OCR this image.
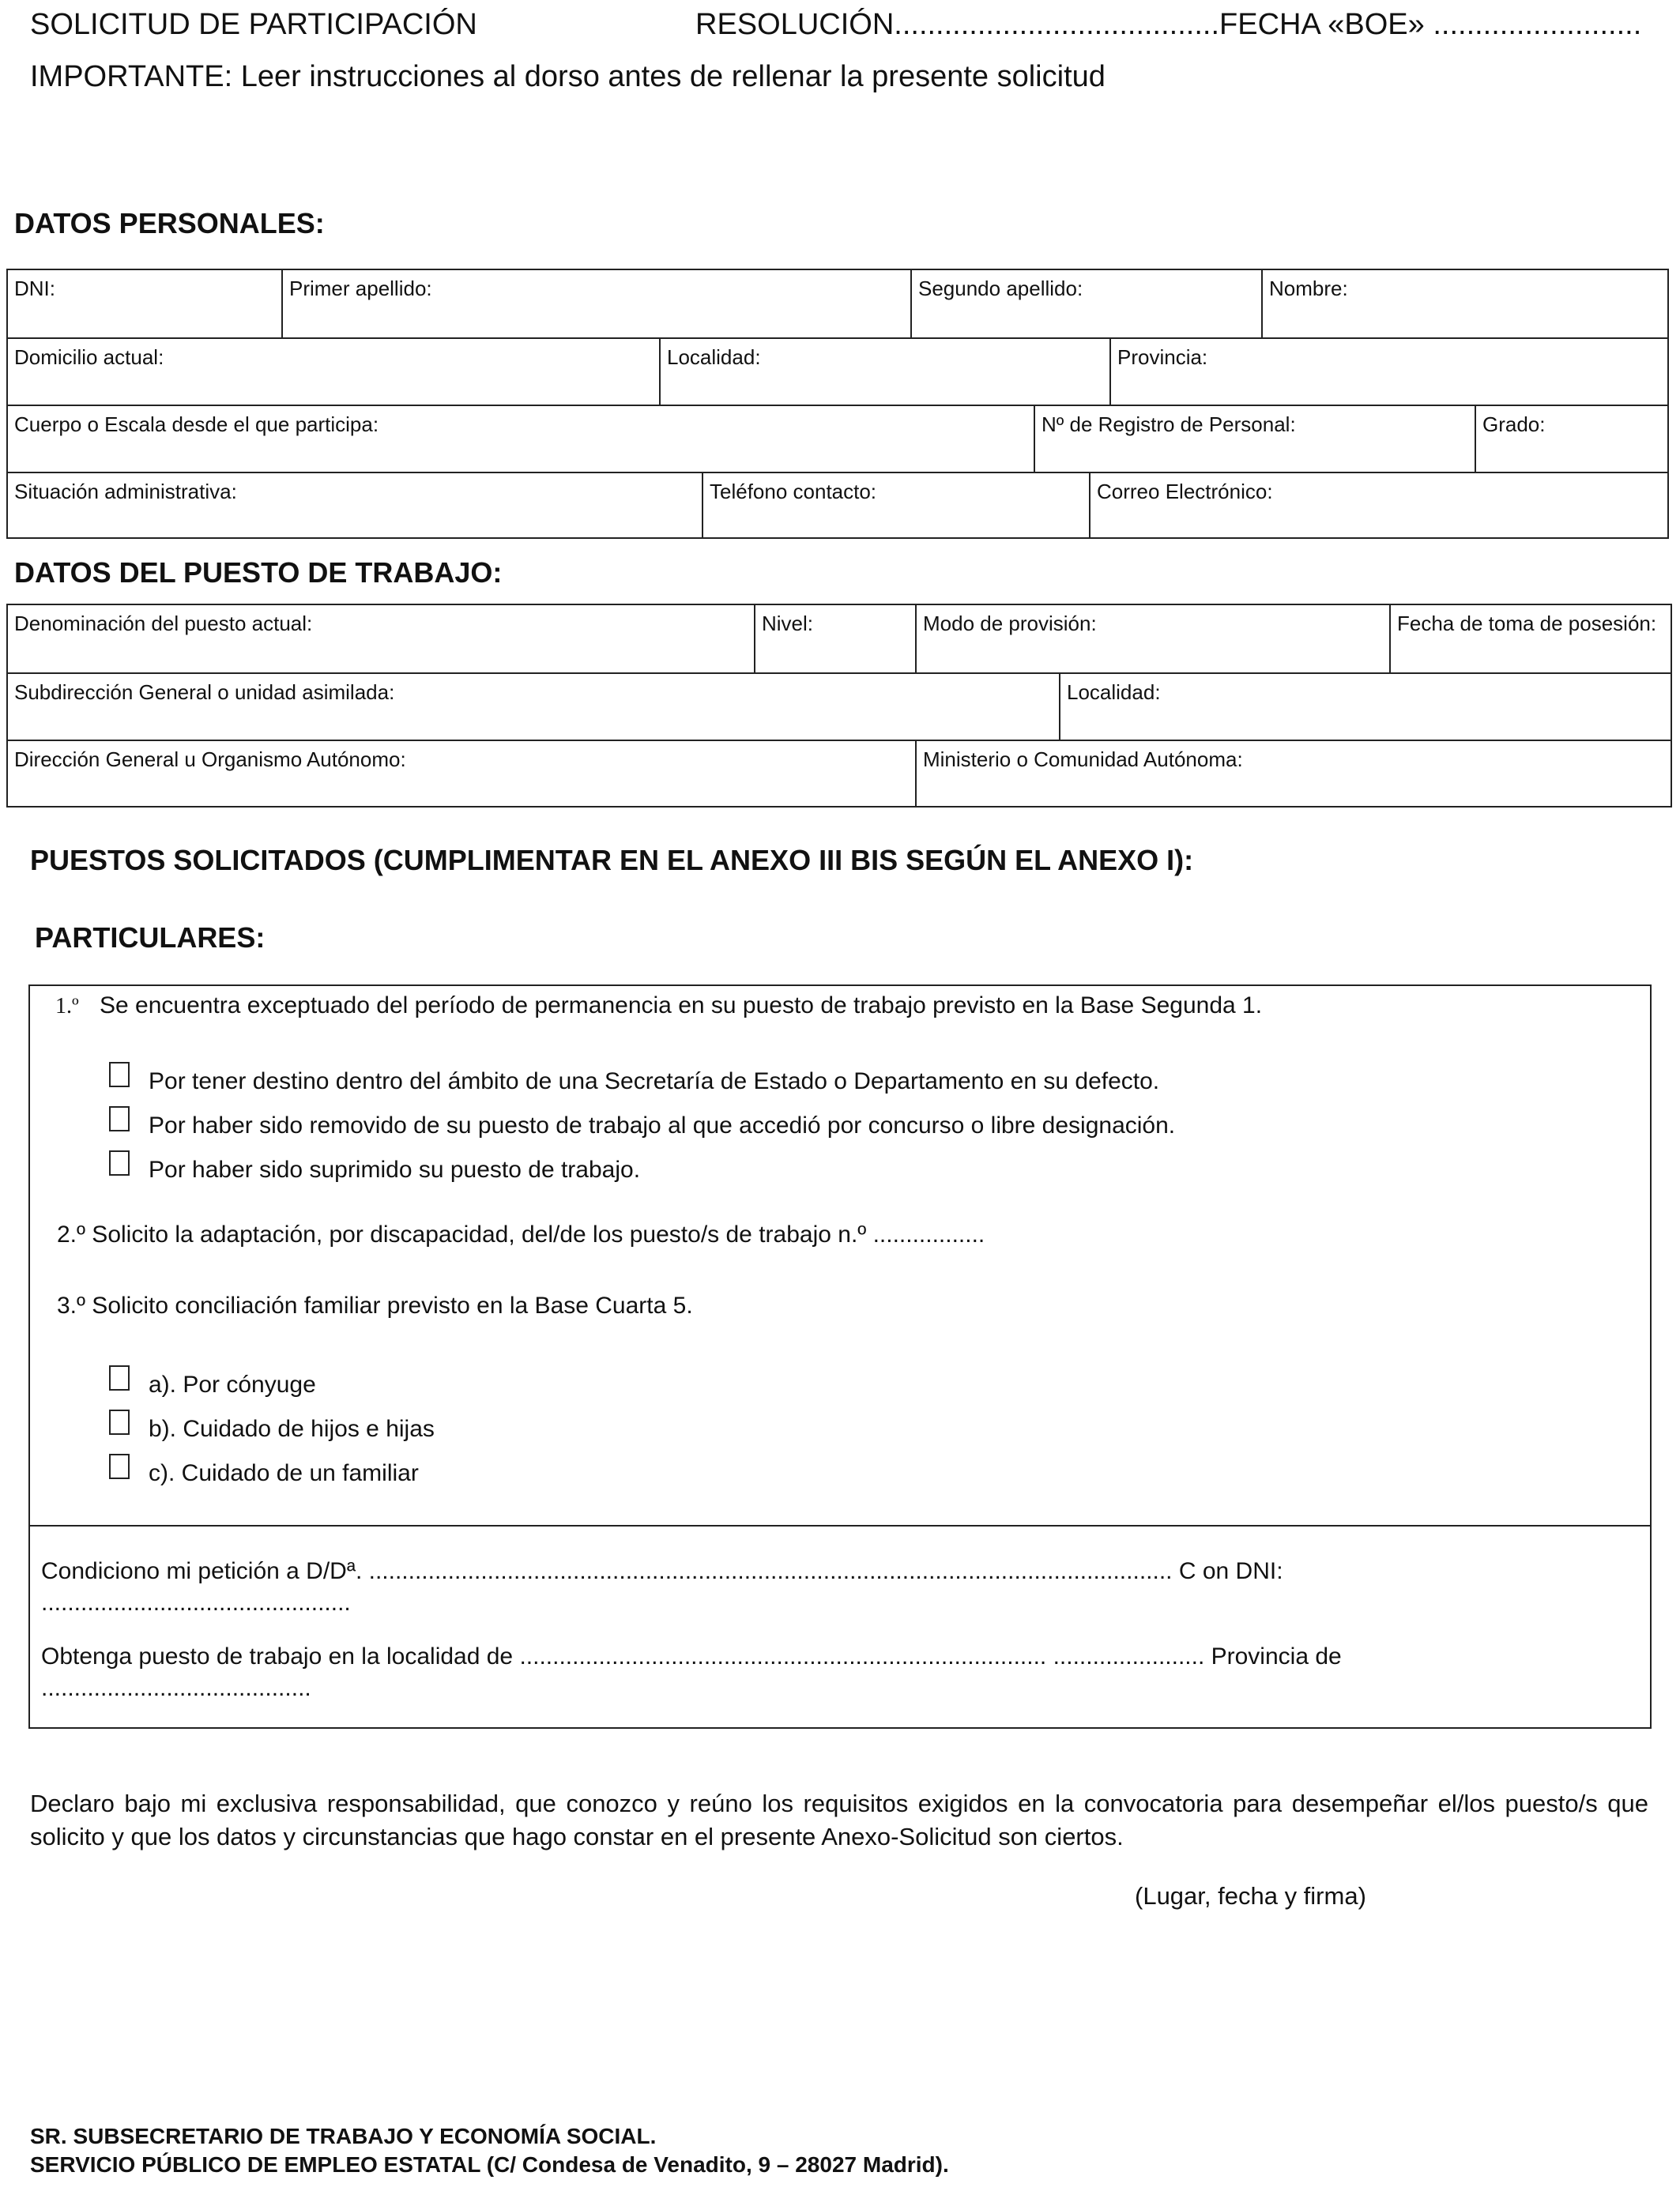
SOLICITUD DE PARTICIPACIÓN	RESOLUCIÓN.......................................FECHA «BOE» .........................
IMPORTANTE: Leer instrucciones al dorso antes de rellenar la presente solicitud
DATOS PERSONALES:
DNI:	Primer apellido:	Segundo apellido:	Nombre:
Domicilio actual:	Localidad:	Provincia:
Cuerpo o Escala desde el que participa:	Nº de Registro de Personal:	Grado:
Situación administrativa:	Teléfono contacto:	Correo Electrónico:
DATOS DEL PUESTO DE TRABAJO:
Denominación del puesto actual:	Nivel:	Modo de provisión:	Fecha de toma de posesión:
Subdirección General o unidad asimilada:	Localidad:
Dirección General u Organismo Autónomo:	Ministerio o Comunidad Autónoma:
PUESTOS SOLICITADOS (CUMPLIMENTAR EN EL ANEXO III BIS SEGÚN EL ANEXO I):
PARTICULARES:
1.º Se encuentra exceptuado del período de permanencia en su puesto de trabajo previsto en la Base Segunda 1.
Por tener destino dentro del ámbito de una Secretaría de Estado o Departamento en su defecto.
Por haber sido removido de su puesto de trabajo al que accedió por concurso o libre designación.
Por haber sido suprimido su puesto de trabajo.
2.º Solicito la adaptación, por discapacidad, del/de los puesto/s de trabajo n.º .................
3.º Solicito conciliación familiar previsto en la Base Cuarta 5.
a). Por cónyuge
b). Cuidado de hijos e hijas
c). Cuidado de un familiar
Condiciono mi petición a D/Dª. .......................................................................................................................... C on DNI:
...............................................
Obtenga puesto de trabajo en la localidad de ................................................................................ ....................... Provincia de
.........................................
Declaro bajo mi exclusiva responsabilidad, que conozco y reúno los requisitos exigidos en la convocatoria para desempeñar el/los puesto/s que solicito y que los datos y circunstancias que hago constar en el presente Anexo-Solicitud son ciertos.
(Lugar, fecha y firma)
SR. SUBSECRETARIO DE TRABAJO Y ECONOMÍA SOCIAL.
SERVICIO PÚBLICO DE EMPLEO ESTATAL (C/ Condesa de Venadito, 9 – 28027 Madrid).
